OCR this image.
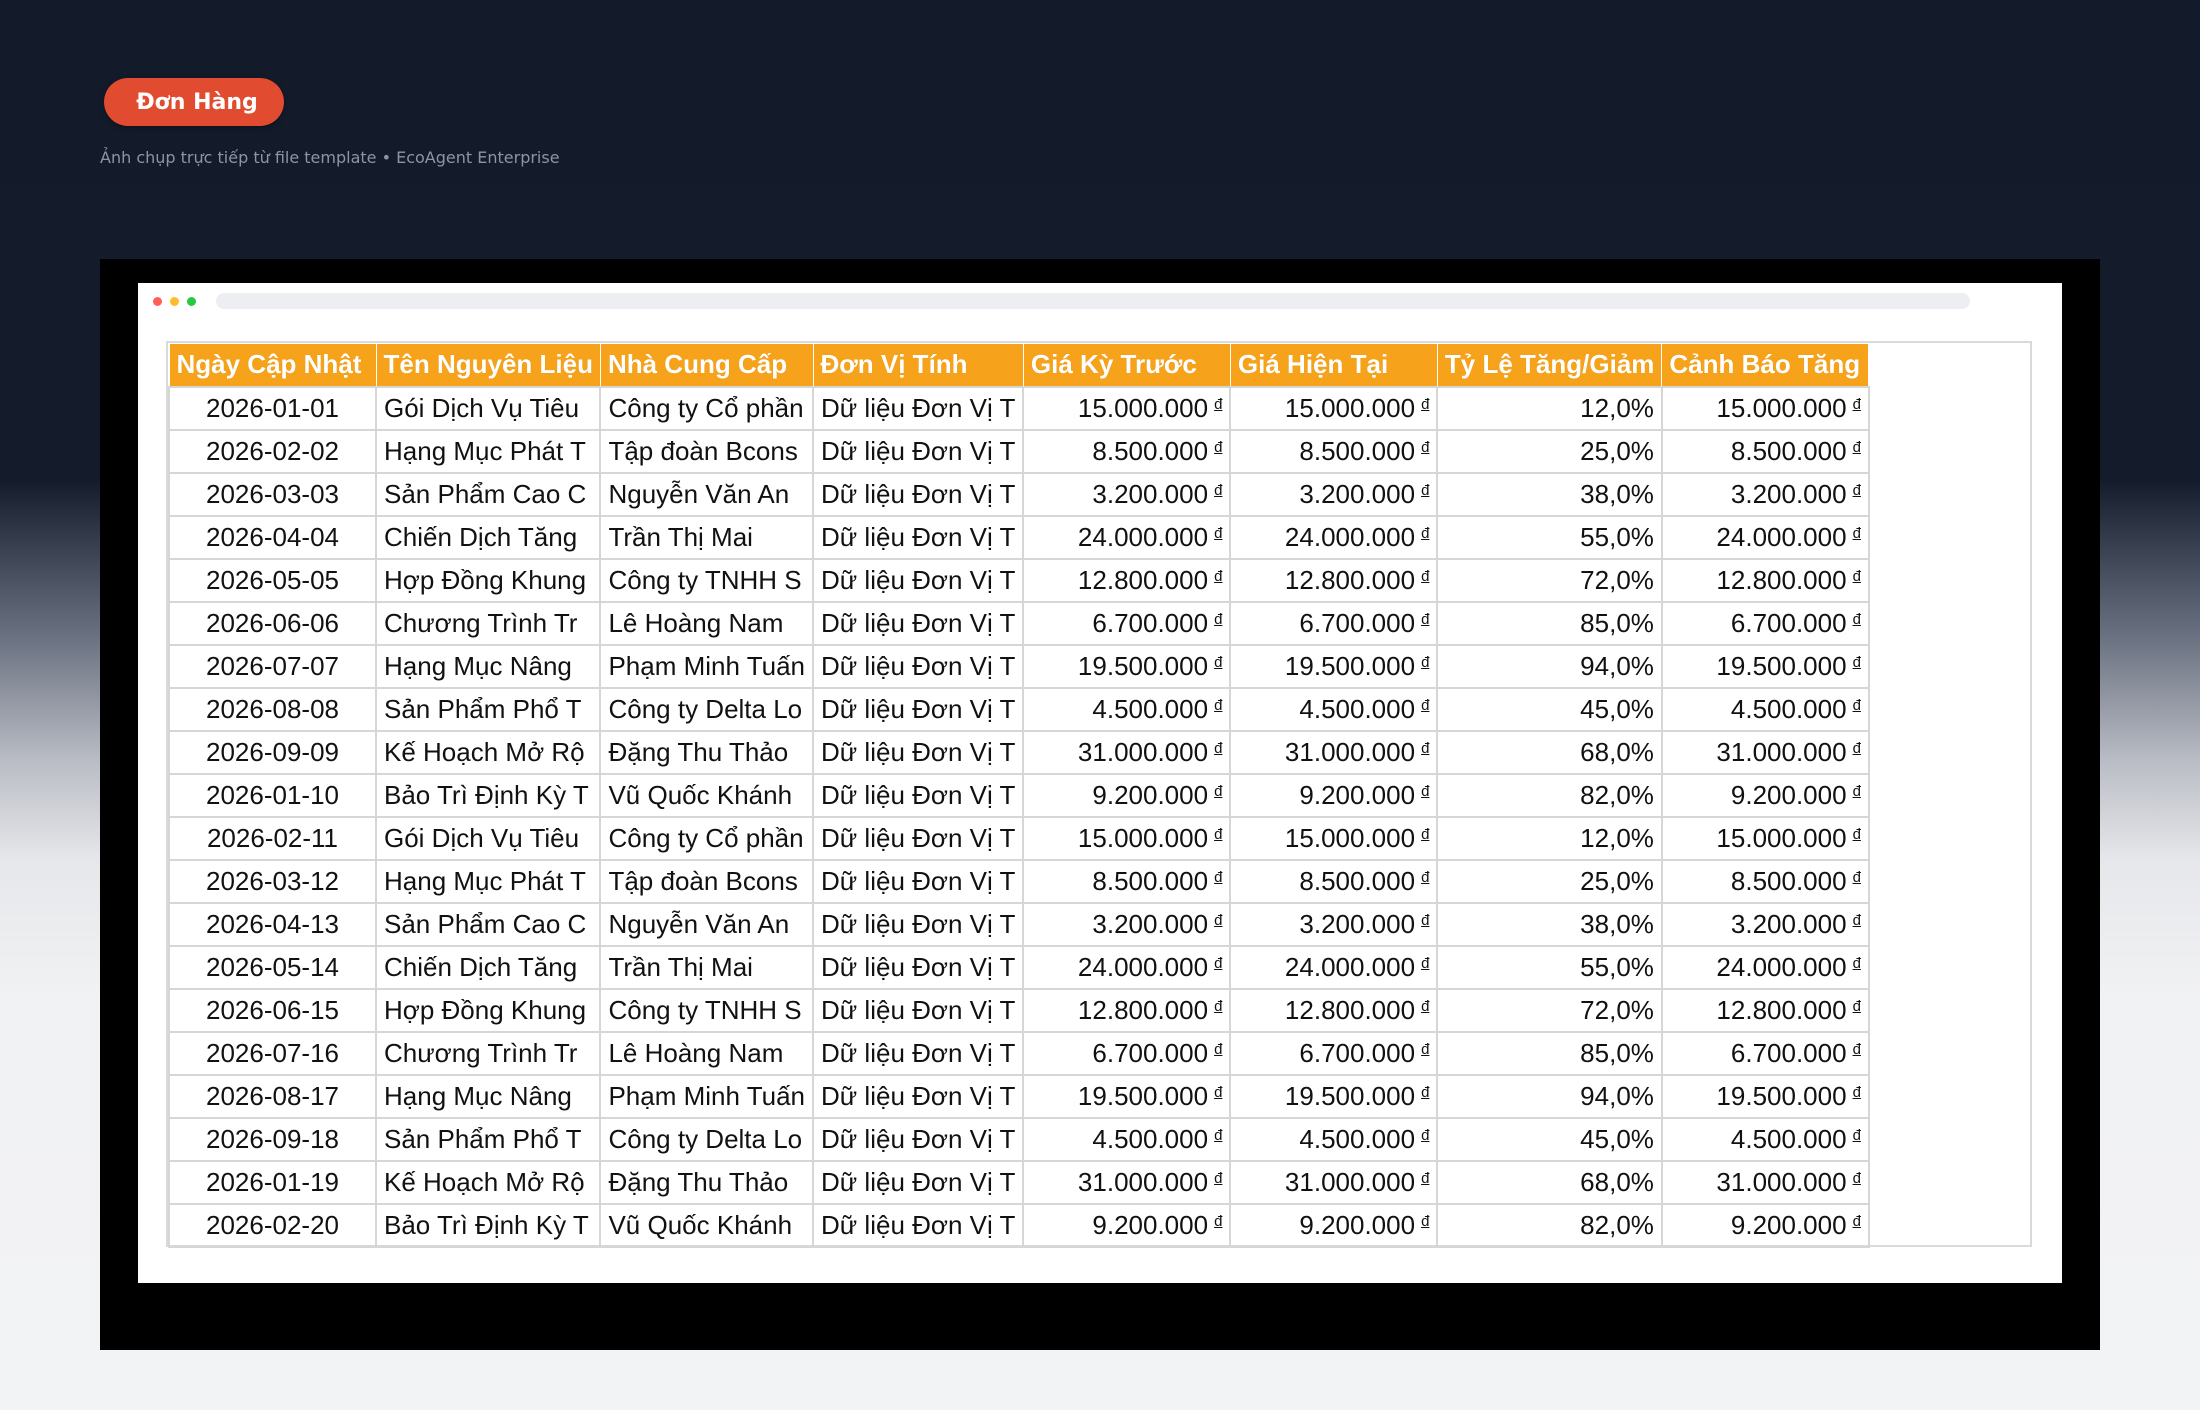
Đơn Hàng
Ảnh chụp trực tiếp từ file template • EcoAgent Enterprise
Ngày Cập Nhật	Tên Nguyên Liệu	Nhà Cung Cấp	Đơn Vị Tính	Giá Kỳ Trước	Giá Hiện Tại	Tỷ Lệ Tăng/Giảm	Cảnh Báo Tăng
2026-01-01	Gói Dịch Vụ Tiêu	Công ty Cổ phần	Dữ liệu Đơn Vị T	15.000.000 đ	15.000.000 đ	12,0%	15.000.000 đ
2026-02-02	Hạng Mục Phát T	Tập đoàn Bcons	Dữ liệu Đơn Vị T	8.500.000 đ	8.500.000 đ	25,0%	8.500.000 đ
2026-03-03	Sản Phẩm Cao C	Nguyễn Văn An	Dữ liệu Đơn Vị T	3.200.000 đ	3.200.000 đ	38,0%	3.200.000 đ
2026-04-04	Chiến Dịch Tăng	Trần Thị Mai	Dữ liệu Đơn Vị T	24.000.000 đ	24.000.000 đ	55,0%	24.000.000 đ
2026-05-05	Hợp Đồng Khung	Công ty TNHH S	Dữ liệu Đơn Vị T	12.800.000 đ	12.800.000 đ	72,0%	12.800.000 đ
2026-06-06	Chương Trình Tr	Lê Hoàng Nam	Dữ liệu Đơn Vị T	6.700.000 đ	6.700.000 đ	85,0%	6.700.000 đ
2026-07-07	Hạng Mục Nâng	Phạm Minh Tuấn	Dữ liệu Đơn Vị T	19.500.000 đ	19.500.000 đ	94,0%	19.500.000 đ
2026-08-08	Sản Phẩm Phổ T	Công ty Delta Lo	Dữ liệu Đơn Vị T	4.500.000 đ	4.500.000 đ	45,0%	4.500.000 đ
2026-09-09	Kế Hoạch Mở Rộ	Đặng Thu Thảo	Dữ liệu Đơn Vị T	31.000.000 đ	31.000.000 đ	68,0%	31.000.000 đ
2026-01-10	Bảo Trì Định Kỳ T	Vũ Quốc Khánh	Dữ liệu Đơn Vị T	9.200.000 đ	9.200.000 đ	82,0%	9.200.000 đ
2026-02-11	Gói Dịch Vụ Tiêu	Công ty Cổ phần	Dữ liệu Đơn Vị T	15.000.000 đ	15.000.000 đ	12,0%	15.000.000 đ
2026-03-12	Hạng Mục Phát T	Tập đoàn Bcons	Dữ liệu Đơn Vị T	8.500.000 đ	8.500.000 đ	25,0%	8.500.000 đ
2026-04-13	Sản Phẩm Cao C	Nguyễn Văn An	Dữ liệu Đơn Vị T	3.200.000 đ	3.200.000 đ	38,0%	3.200.000 đ
2026-05-14	Chiến Dịch Tăng	Trần Thị Mai	Dữ liệu Đơn Vị T	24.000.000 đ	24.000.000 đ	55,0%	24.000.000 đ
2026-06-15	Hợp Đồng Khung	Công ty TNHH S	Dữ liệu Đơn Vị T	12.800.000 đ	12.800.000 đ	72,0%	12.800.000 đ
2026-07-16	Chương Trình Tr	Lê Hoàng Nam	Dữ liệu Đơn Vị T	6.700.000 đ	6.700.000 đ	85,0%	6.700.000 đ
2026-08-17	Hạng Mục Nâng	Phạm Minh Tuấn	Dữ liệu Đơn Vị T	19.500.000 đ	19.500.000 đ	94,0%	19.500.000 đ
2026-09-18	Sản Phẩm Phổ T	Công ty Delta Lo	Dữ liệu Đơn Vị T	4.500.000 đ	4.500.000 đ	45,0%	4.500.000 đ
2026-01-19	Kế Hoạch Mở Rộ	Đặng Thu Thảo	Dữ liệu Đơn Vị T	31.000.000 đ	31.000.000 đ	68,0%	31.000.000 đ
2026-02-20	Bảo Trì Định Kỳ T	Vũ Quốc Khánh	Dữ liệu Đơn Vị T	9.200.000 đ	9.200.000 đ	82,0%	9.200.000 đ
